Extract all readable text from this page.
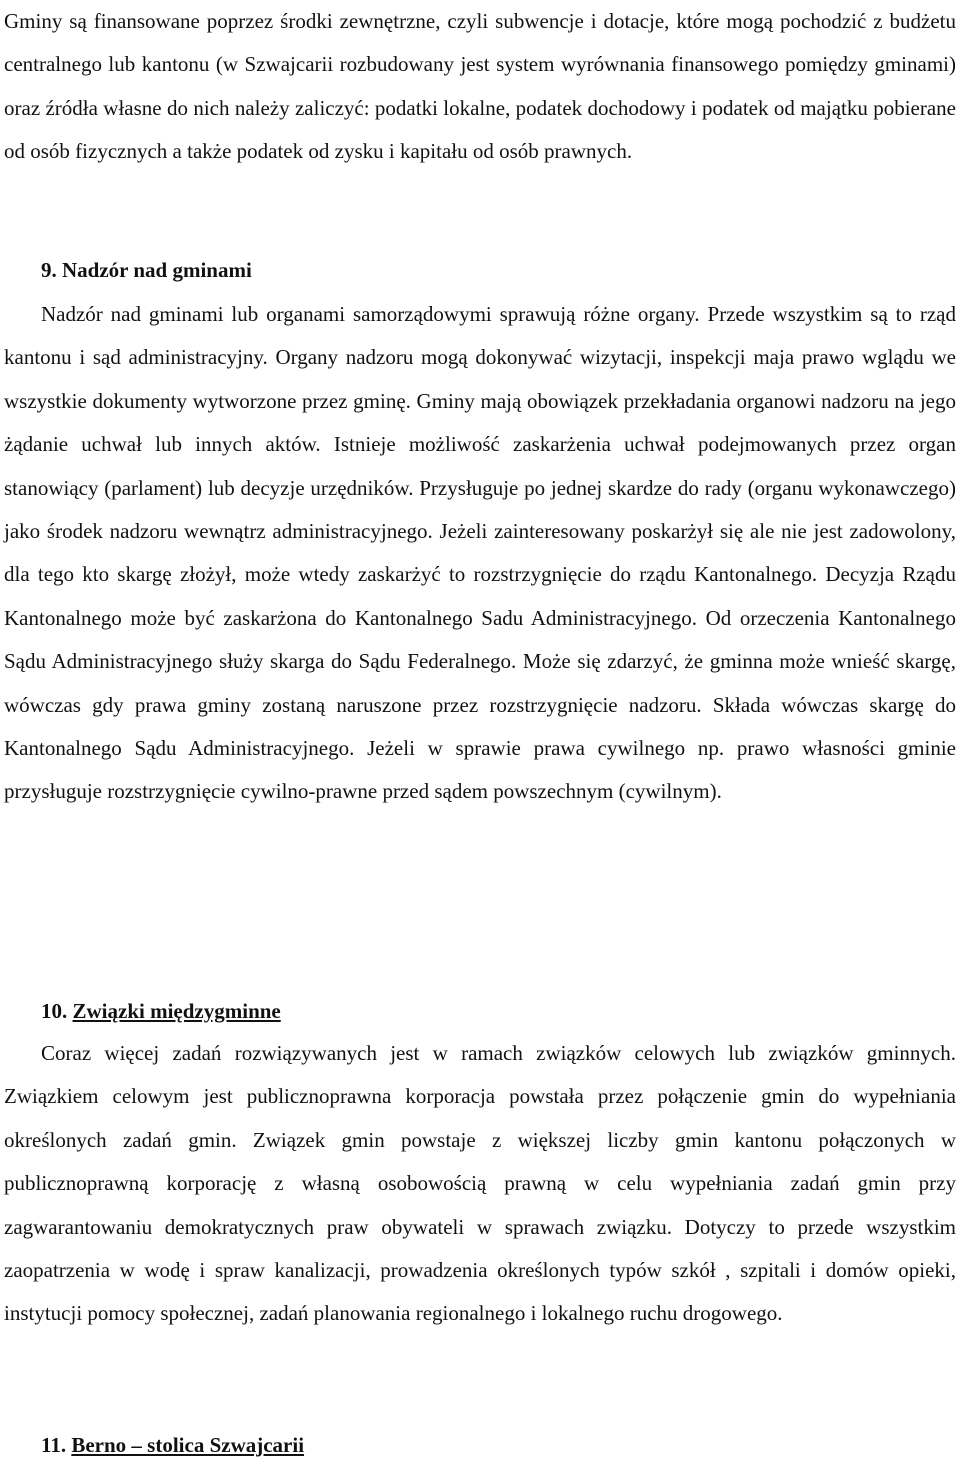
Gminy są finansowane poprzez środki zewnętrzne, czyli subwencje i dotacje, które mogą pochodzić z budżetu centralnego lub kantonu (w Szwajcarii rozbudowany jest system wyrównania finansowego pomiędzy gminami) oraz źródła własne do nich należy zaliczyć: podatki lokalne, podatek dochodowy i podatek od majątku pobierane od osób fizycznych a także podatek od zysku i kapitału od osób prawnych.

9. Nadzór nad gminami

Nadzór nad gminami lub organami samorządowymi sprawują różne organy. Przede wszystkim są to rząd kantonu i sąd administracyjny. Organy nadzoru mogą dokonywać wizytacji, inspekcji maja prawo wglądu we wszystkie dokumenty wytworzone przez gminę. Gminy mają obowiązek przekładania organowi nadzoru na jego żądanie uchwał lub innych aktów. Istnieje możliwość zaskarżenia uchwał podejmowanych przez organ stanowiący (parlament) lub decyzje urzędników. Przysługuje po jednej skardze do rady (organu wykonawczego) jako środek nadzoru wewnątrz administracyjnego. Jeżeli zainteresowany poskarżył się ale nie jest zadowolony, dla tego kto skargę złożył, może wtedy zaskarżyć to rozstrzygnięcie do rządu Kantonalnego. Decyzja Rządu Kantonalnego może być zaskarżona do Kantonalnego Sadu Administracyjnego. Od orzeczenia Kantonalnego Sądu Administracyjnego służy skarga do Sądu Federalnego. Może się zdarzyć, że gminna może wnieść skargę, wówczas gdy prawa gminy zostaną naruszone przez rozstrzygnięcie nadzoru. Składa wówczas skargę do Kantonalnego Sądu Administracyjnego. Jeżeli w sprawie prawa cywilnego np. prawo własności gminie przysługuje rozstrzygnięcie cywilno-prawne przed sądem powszechnym (cywilnym).

10. Związki międzygminne

Coraz więcej zadań rozwiązywanych jest w ramach związków celowych lub związków gminnych. Związkiem celowym jest publicznoprawna korporacja powstała przez połączenie gmin do wypełniania określonych zadań gmin. Związek gmin powstaje z większej liczby gmin kantonu połączonych w publicznoprawną korporację z własną osobowością prawną w celu wypełniania zadań gmin przy zagwarantowaniu demokratycznych praw obywateli w sprawach związku. Dotyczy to przede wszystkim zaopatrzenia w wodę i spraw kanalizacji, prowadzenia określonych typów szkół , szpitali i domów opieki, instytucji pomocy społecznej, zadań planowania regionalnego i lokalnego ruchu drogowego.

11. Berno – stolica Szwajcarii
